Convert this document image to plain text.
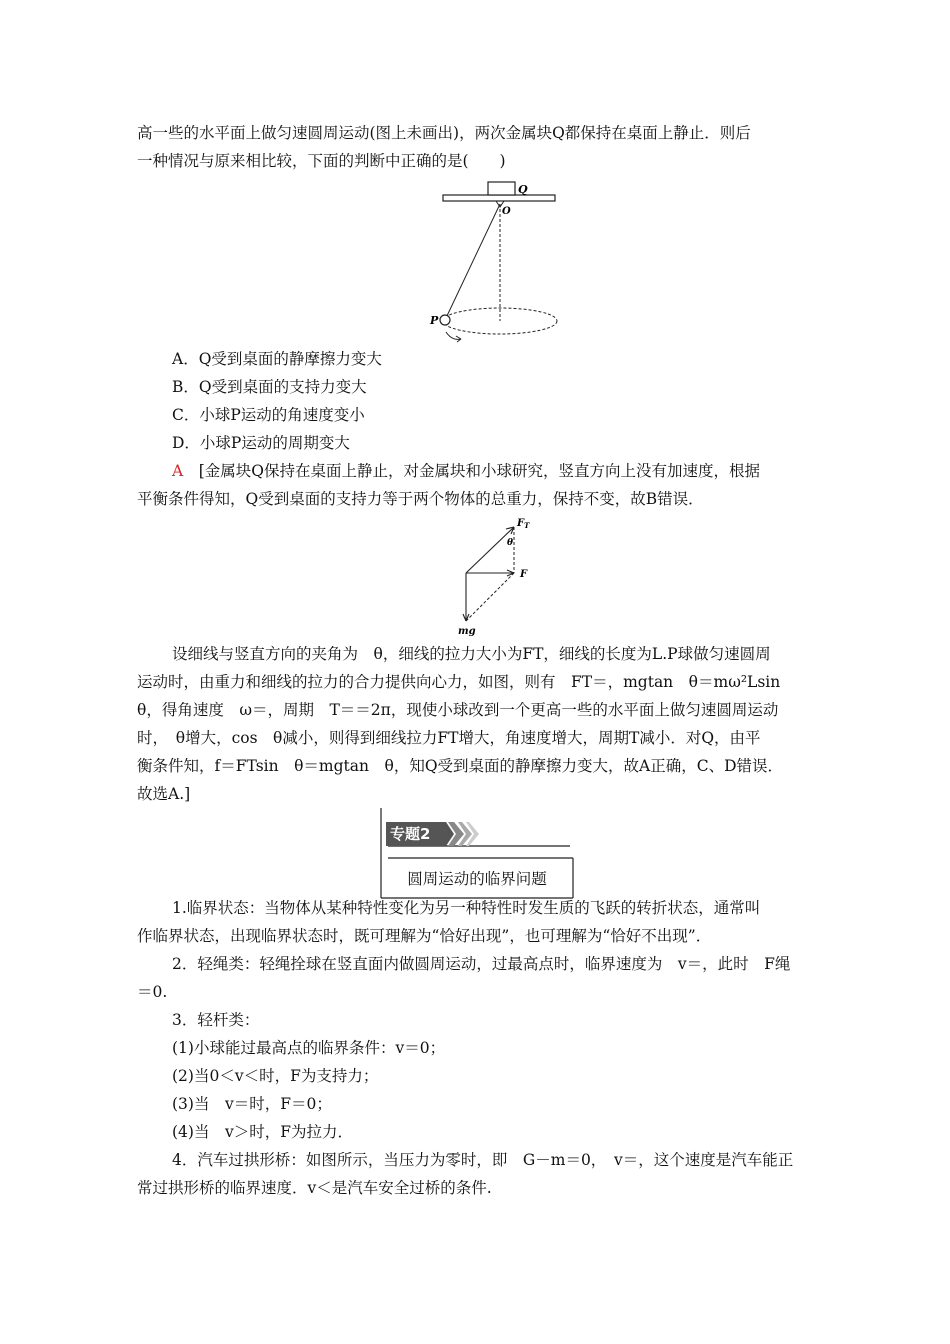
高一些的水平面上做匀速圆周运动(图上未画出)，两次金属块Q都保持在桌面上静止．则后
一种情况与原来相比较，下面的判断中正确的是(　　)
Q
O
P
A．Q受到桌面的静摩擦力变大
B．Q受到桌面的支持力变大
C．小球P运动的角速度变小
D．小球P运动的周期变大
A　[金属块Q保持在桌面上静止，对金属块和小球研究，竖直方向上没有加速度，根据
平衡条件得知，Q受到桌面的支持力等于两个物体的总重力，保持不变，故B错误．
$F_T$
θ
F
mg
设细线与竖直方向的夹角为　θ，细线的拉力大小为FT，细线的长度为L.P球做匀速圆周
运动时，由重力和细线的拉力的合力提供向心力，如图，则有　FT＝，mgtan　θ＝mω²Lsin
θ，得角速度　ω＝，周期　T＝＝2π，现使小球改到一个更高一些的水平面上做匀速圆周运动
时，　θ增大，cos　θ减小，则得到细线拉力FT增大，角速度增大，周期T减小．对Q，由平
衡条件知，f＝FTsin　θ＝mgtan　θ，知Q受到桌面的静摩擦力变大，故A正确，C、D错误．
故选A.]
专题2
圆周运动的临界问题
1.临界状态：当物体从某种特性变化为另一种特性时发生质的飞跃的转折状态，通常叫
作临界状态，出现临界状态时，既可理解为“恰好出现”，也可理解为“恰好不出现”．
2．轻绳类：轻绳拴球在竖直面内做圆周运动，过最高点时，临界速度为　v＝，此时　F绳
＝0.
3．轻杆类：
(1)小球能过最高点的临界条件：v＝0；
(2)当0＜v＜时，F为支持力；
(3)当　v＝时，F＝0；
(4)当　v＞时，F为拉力．
4．汽车过拱形桥：如图所示，当压力为零时，即　G－m＝0，　v＝，这个速度是汽车能正
常过拱形桥的临界速度．v＜是汽车安全过桥的条件.
